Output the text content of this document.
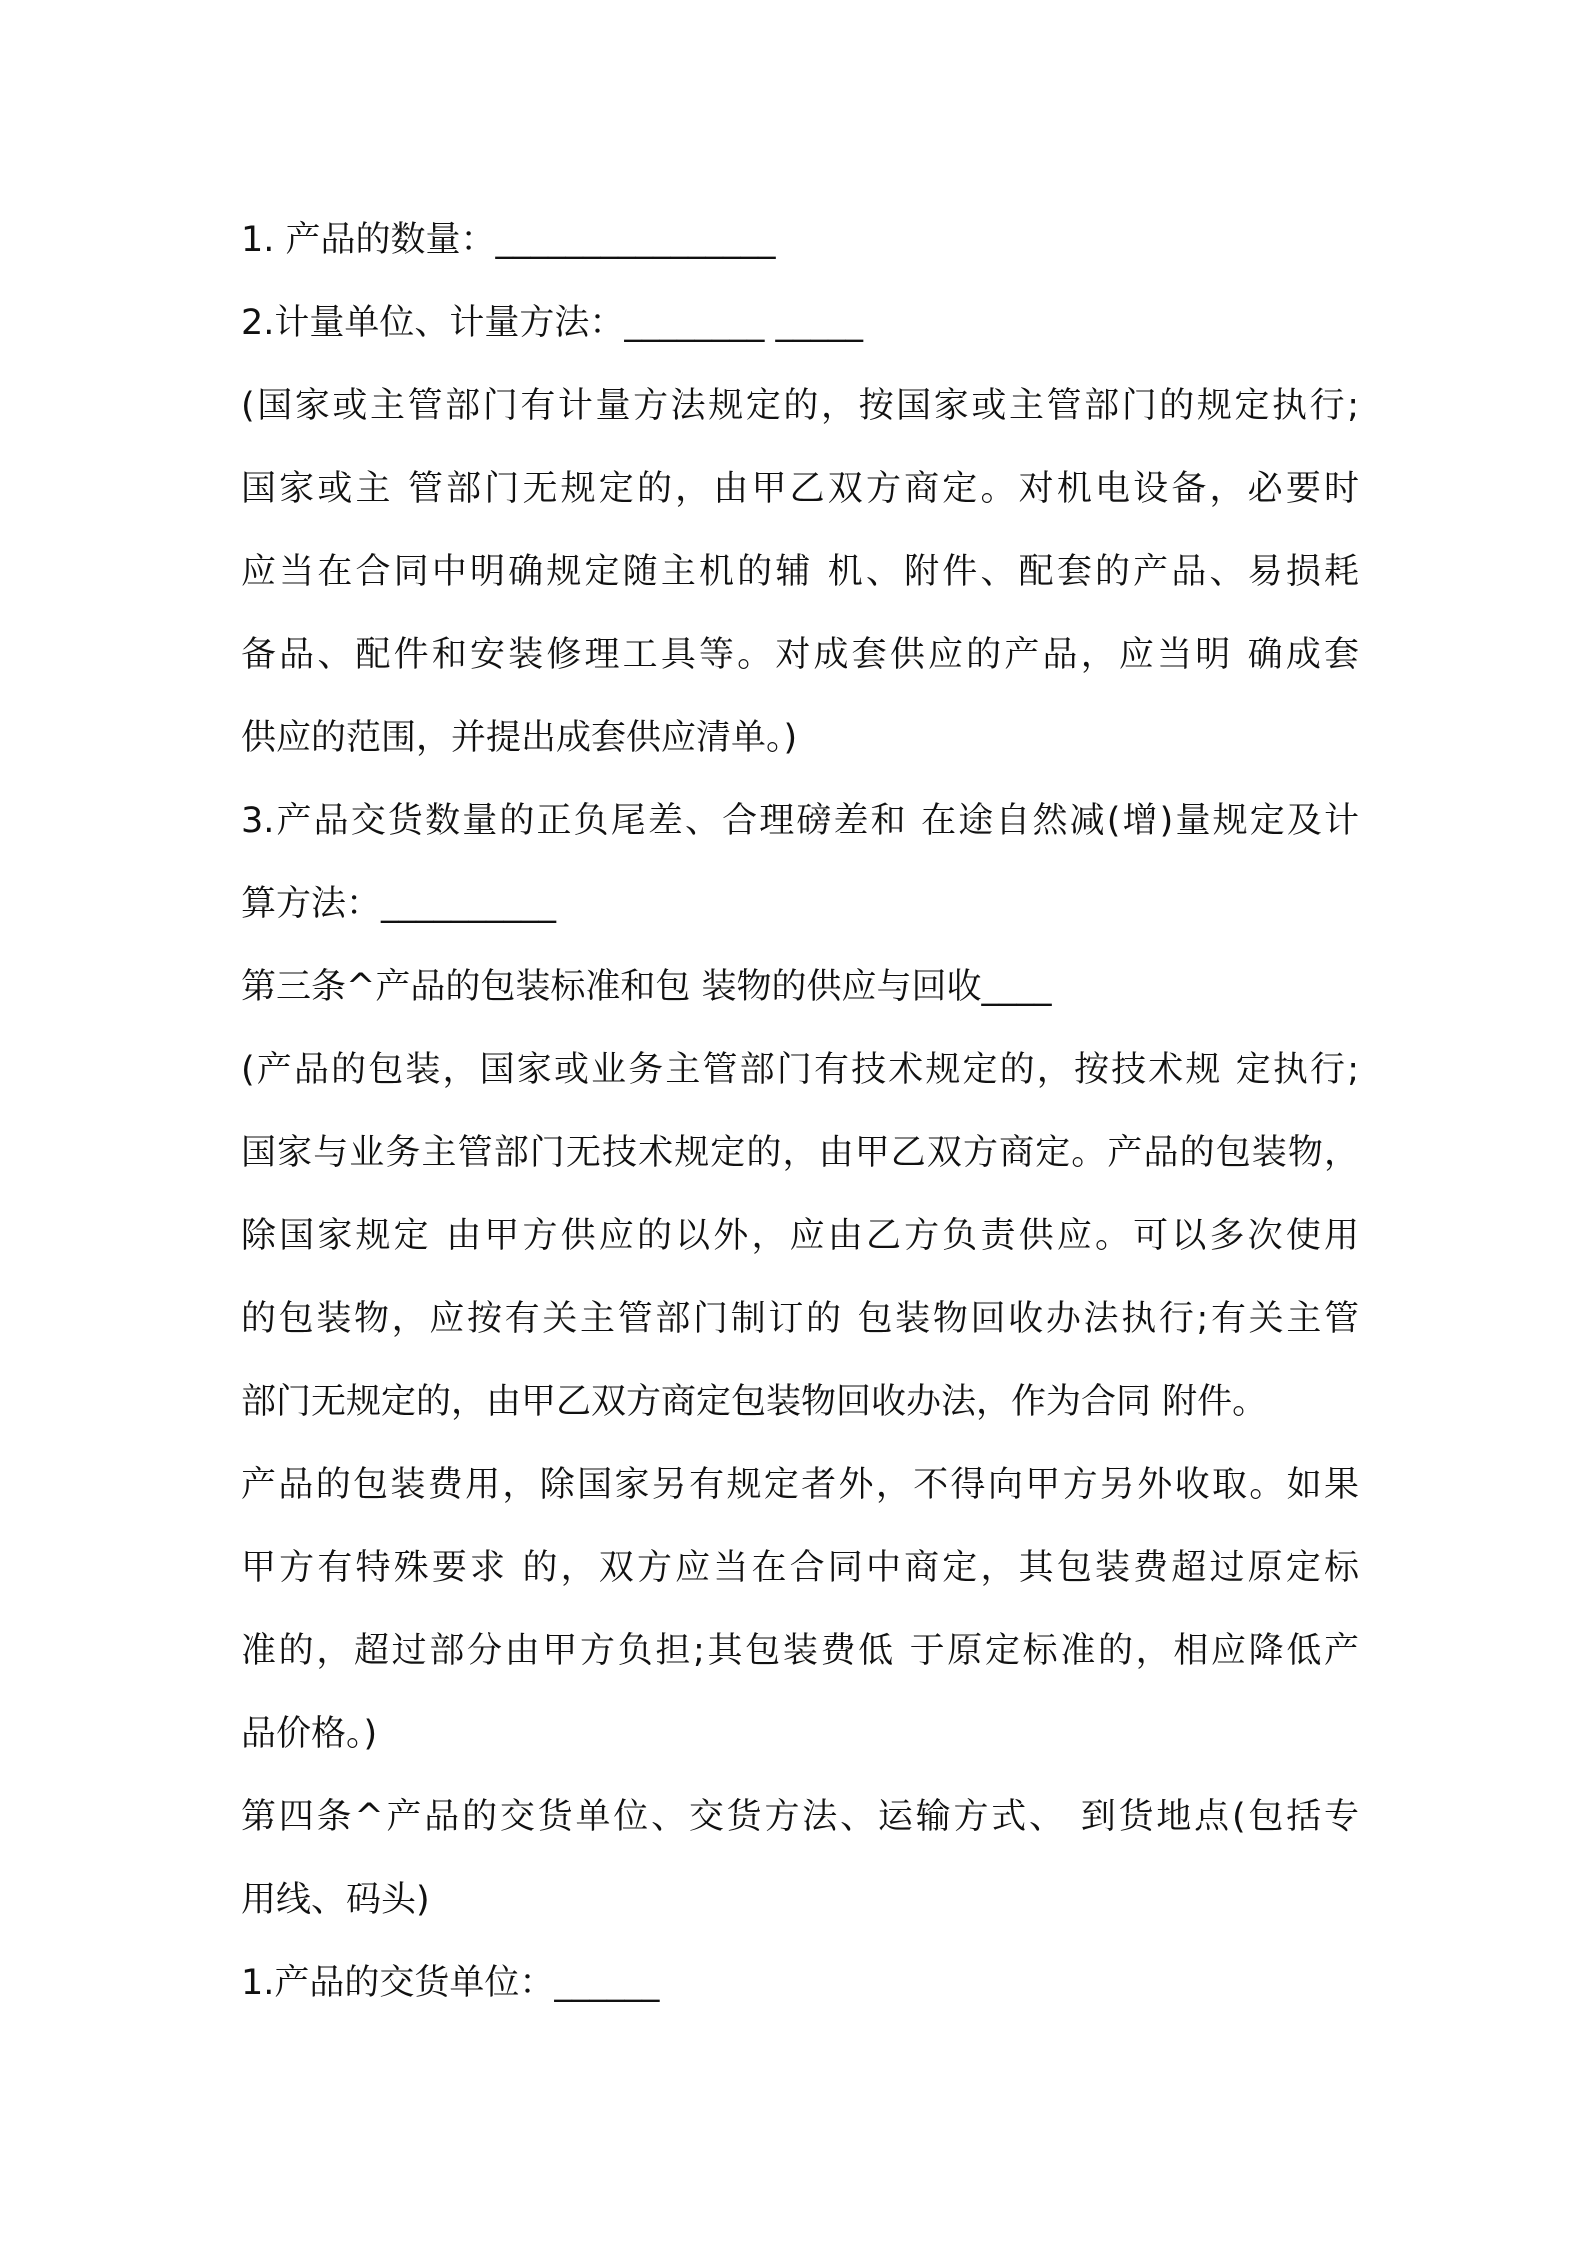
1. 产品的数量：________________
2.计量单位、计量方法：________ _____
(国家或主管部门有计量方法规定的，按国家或主管部门的规定执行;
国家或主 管部门无规定的，由甲乙双方商定。对机电设备，必要时
应当在合同中明确规定随主机的辅 机、附件、配套的产品、易损耗
备品、配件和安装修理工具等。对成套供应的产品，应当明 确成套
供应的范围，并提出成套供应清单。)
3.产品交货数量的正负尾差、合理磅差和 在途自然减(增)量规定及计
算方法：__________
第三条^产品的包装标准和包 装物的供应与回收____
(产品的包装，国家或业务主管部门有技术规定的，按技术规 定执行;
国家与业务主管部门无技术规定的，由甲乙双方商定。产品的包装物，
除国家规定 由甲方供应的以外，应由乙方负责供应。可以多次使用
的包装物，应按有关主管部门制订的 包装物回收办法执行;有关主管
部门无规定的，由甲乙双方商定包装物回收办法，作为合同 附件。
产品的包装费用，除国家另有规定者外，不得向甲方另外收取。如果
甲方有特殊要求 的，双方应当在合同中商定，其包装费超过原定标
准的，超过部分由甲方负担;其包装费低 于原定标准的，相应降低产
品价格。)
第四条^产品的交货单位、交货方法、运输方式、 到货地点(包括专
用线、码头)
1.产品的交货单位：______
